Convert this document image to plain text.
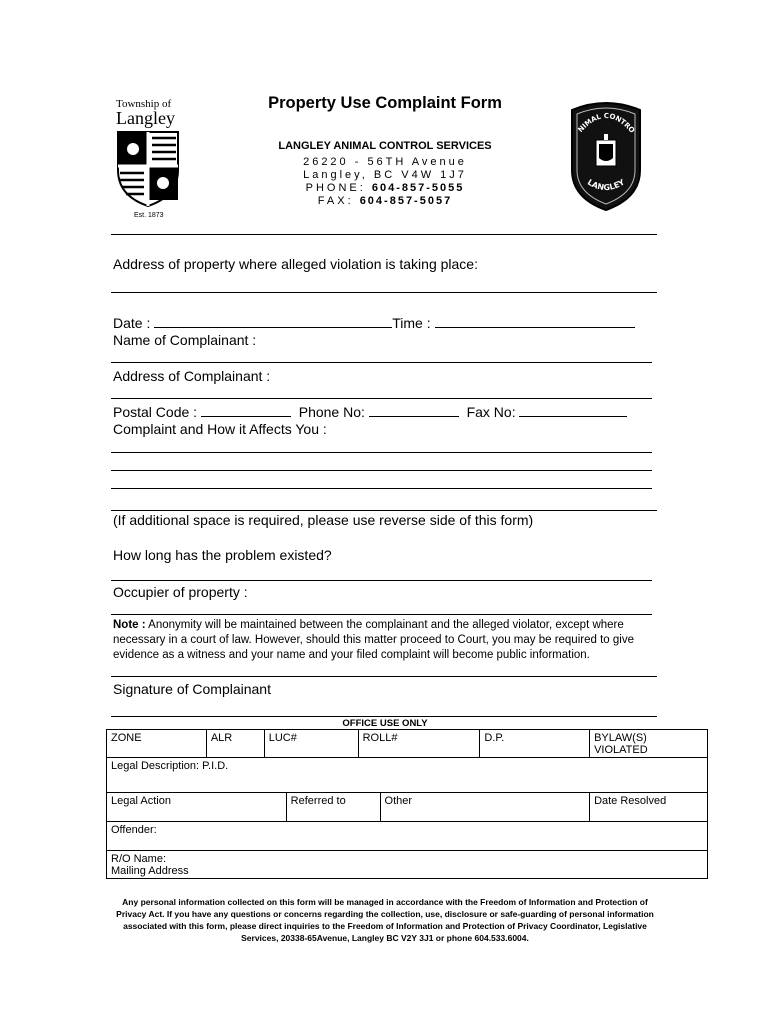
Township of
Langley
Est. 1873
NIMAL CONTRO
LANGLEY
Property Use Complaint Form
LANGLEY ANIMAL CONTROL SERVICES
26220 - 56TH Avenue
Langley, BC V4W 1J7
PHONE: 604-857-5055
FAX: 604-857-5057
Address of property where alleged violation is taking place:
Date :	Time :
Name of Complainant :
Address of Complainant :
Postal Code :	Phone No:	Fax No:
Complaint and How it Affects You :
(If additional space is required, please use reverse side of this form)
How long has the problem existed?
Occupier of property :
Note : Anonymity will be maintained between the complainant and the alleged violator, except where necessary in a court of law. However, should this matter proceed to Court, you may be required to give evidence as a witness and your name and your filed complaint will become public information.
Signature of Complainant
OFFICE USE ONLY
ZONE	ALR	LUC#		ROLL#		D.P.	BYLAW(S) VIOLATED
Legal Description: P.I.D.							
Legal Action			Referred to		Other		Date Resolved
Offender:							

R/O Name:
Mailing Address							
Any personal information collected on this form will be managed in accordance with the Freedom of Information and Protection of Privacy Act. If you have any questions or concerns regarding the collection, use, disclosure or safe-guarding of personal information associated with this form, please direct inquiries to the Freedom of Information and Protection of Privacy Coordinator, Legislative Services, 20338-65Avenue, Langley BC V2Y 3J1 or phone 604.533.6004.
